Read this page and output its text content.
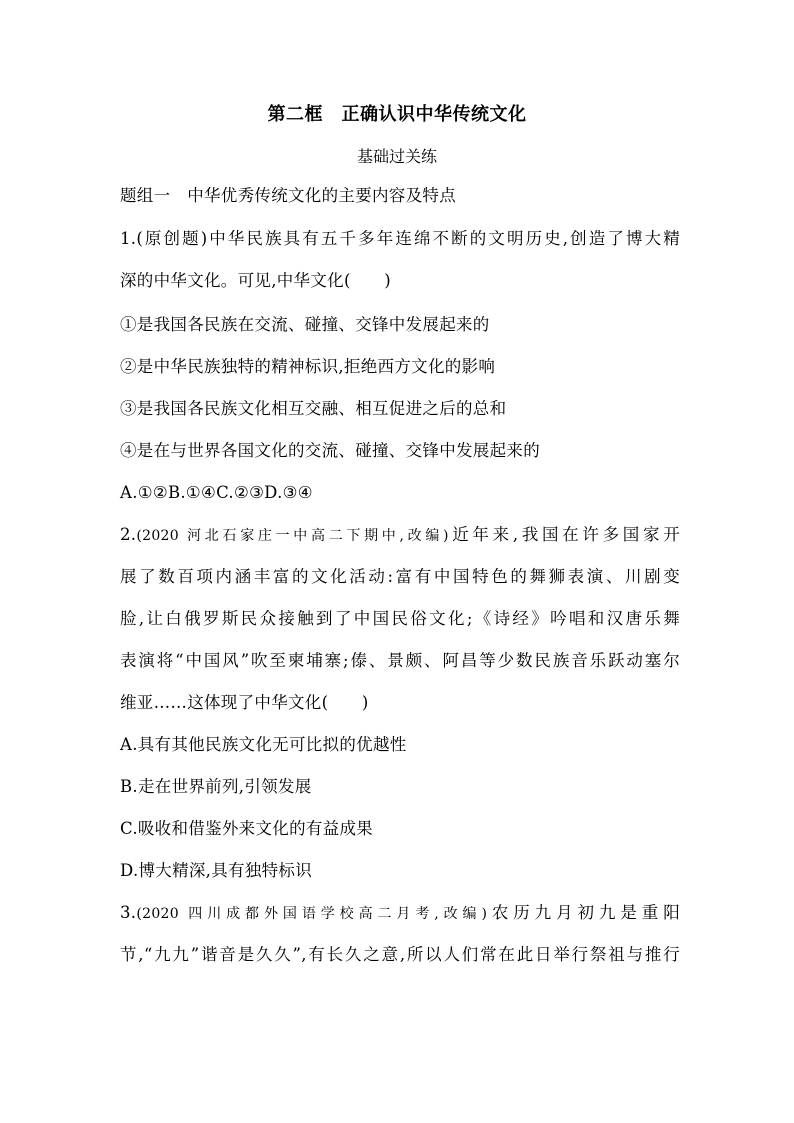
第二框　正确认识中华传统文化
基础过关练
题组一　中华优秀传统文化的主要内容及特点
1.(原创题)中华民族具有五千多年连绵不断的文明历史,创造了博大精
深的中华文化。可见,中华文化(　　)
①是我国各民族在交流、碰撞、交锋中发展起来的
②是中华民族独特的精神标识,拒绝西方文化的影响
③是我国各民族文化相互交融、相互促进之后的总和
④是在与世界各国文化的交流、碰撞、交锋中发展起来的
A.①②B.①④C.②③D.③④
2.(2020 河北石家庄一中高二下期中,改编)近年来,我国在许多国家开
展了数百项内涵丰富的文化活动:富有中国特色的舞狮表演、川剧变
脸,让白俄罗斯民众接触到了中国民俗文化;《诗经》吟唱和汉唐乐舞
表演将“中国风”吹至柬埔寨;傣、景颇、阿昌等少数民族音乐跃动塞尔
维亚……这体现了中华文化(　　)
A.具有其他民族文化无可比拟的优越性
B.走在世界前列,引领发展
C.吸收和借鉴外来文化的有益成果
D.博大精深,具有独特标识
3.(2020 四川成都外国语学校高二月考,改编)农历九月初九是重阳
节,“九九”谐音是久久”,有长久之意,所以人们常在此日举行祭祖与推行
